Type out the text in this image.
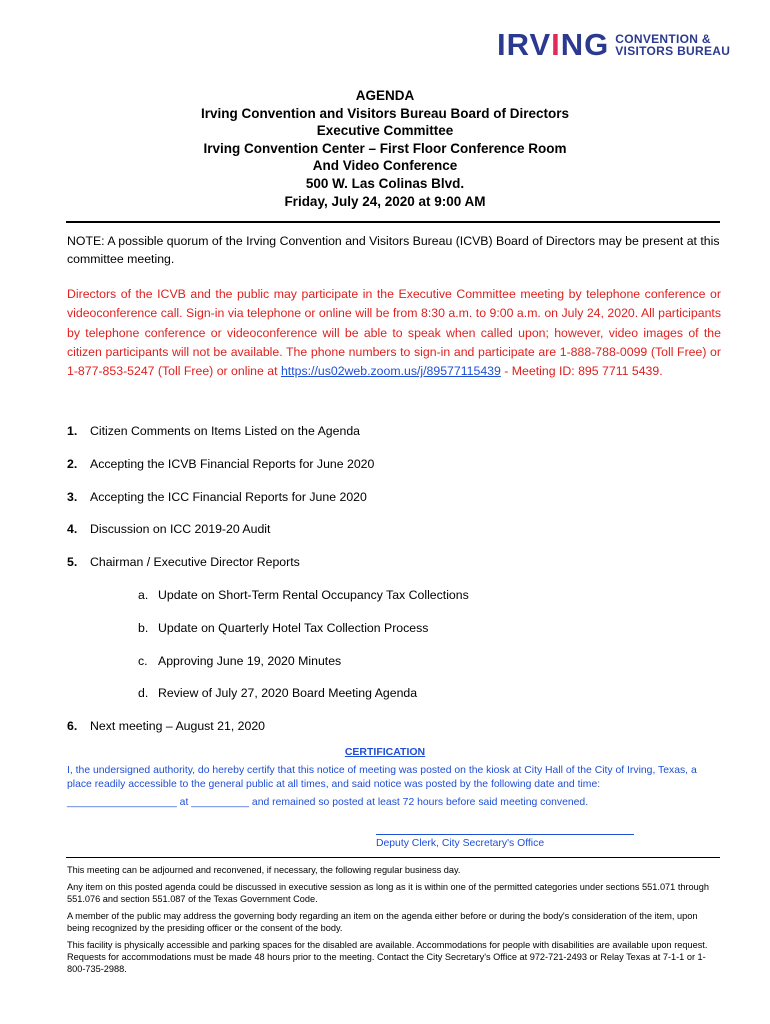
IRVING CONVENTION &
VISITORS BUREAU
AGENDA
Irving Convention and Visitors Bureau Board of Directors
Executive Committee
Irving Convention Center – First Floor Conference Room
And Video Conference
500 W. Las Colinas Blvd.
Friday, July 24, 2020 at 9:00 AM
NOTE: A possible quorum of the Irving Convention and Visitors Bureau (ICVB) Board of Directors may be present at this committee meeting.
Directors of the ICVB and the public may participate in the Executive Committee meeting by telephone conference or videoconference call. Sign-in via telephone or online will be from 8:30 a.m. to 9:00 a.m. on July 24, 2020. All participants by telephone conference or videoconference will be able to speak when called upon; however, video images of the citizen participants will not be available. The phone numbers to sign-in and participate are 1-888-788-0099 (Toll Free) or 1-877-853-5247 (Toll Free) or online at https://us02web.zoom.us/j/89577115439 - Meeting ID: 895 7711 5439.
1. Citizen Comments on Items Listed on the Agenda
2. Accepting the ICVB Financial Reports for June 2020
3. Accepting the ICC Financial Reports for June 2020
4. Discussion on ICC 2019-20 Audit
5. Chairman / Executive Director Reports
a. Update on Short-Term Rental Occupancy Tax Collections
b. Update on Quarterly Hotel Tax Collection Process
c. Approving June 19, 2020 Minutes
d. Review of July 27, 2020 Board Meeting Agenda
6. Next meeting – August 21, 2020
CERTIFICATION
I, the undersigned authority, do hereby certify that this notice of meeting was posted on the kiosk at City Hall of the City of Irving, Texas, a place readily accessible to the general public at all times, and said notice was posted by the following date and time:
___________________ at __________ and remained so posted at least 72 hours before said meeting convened.
Deputy Clerk, City Secretary's Office

This meeting can be adjourned and reconvened, if necessary, the following regular business day.

Any item on this posted agenda could be discussed in executive session as long as it is within one of the permitted categories under sections 551.071 through 551.076 and section 551.087 of the Texas Government Code.

A member of the public may address the governing body regarding an item on the agenda either before or during the body's consideration of the item, upon being recognized by the presiding officer or the consent of the body.

This facility is physically accessible and parking spaces for the disabled are available. Accommodations for people with disabilities are available upon request. Requests for accommodations must be made 48 hours prior to the meeting. Contact the City Secretary's Office at 972-721-2493 or Relay Texas at 7-1-1 or 1-800-735-2988.
